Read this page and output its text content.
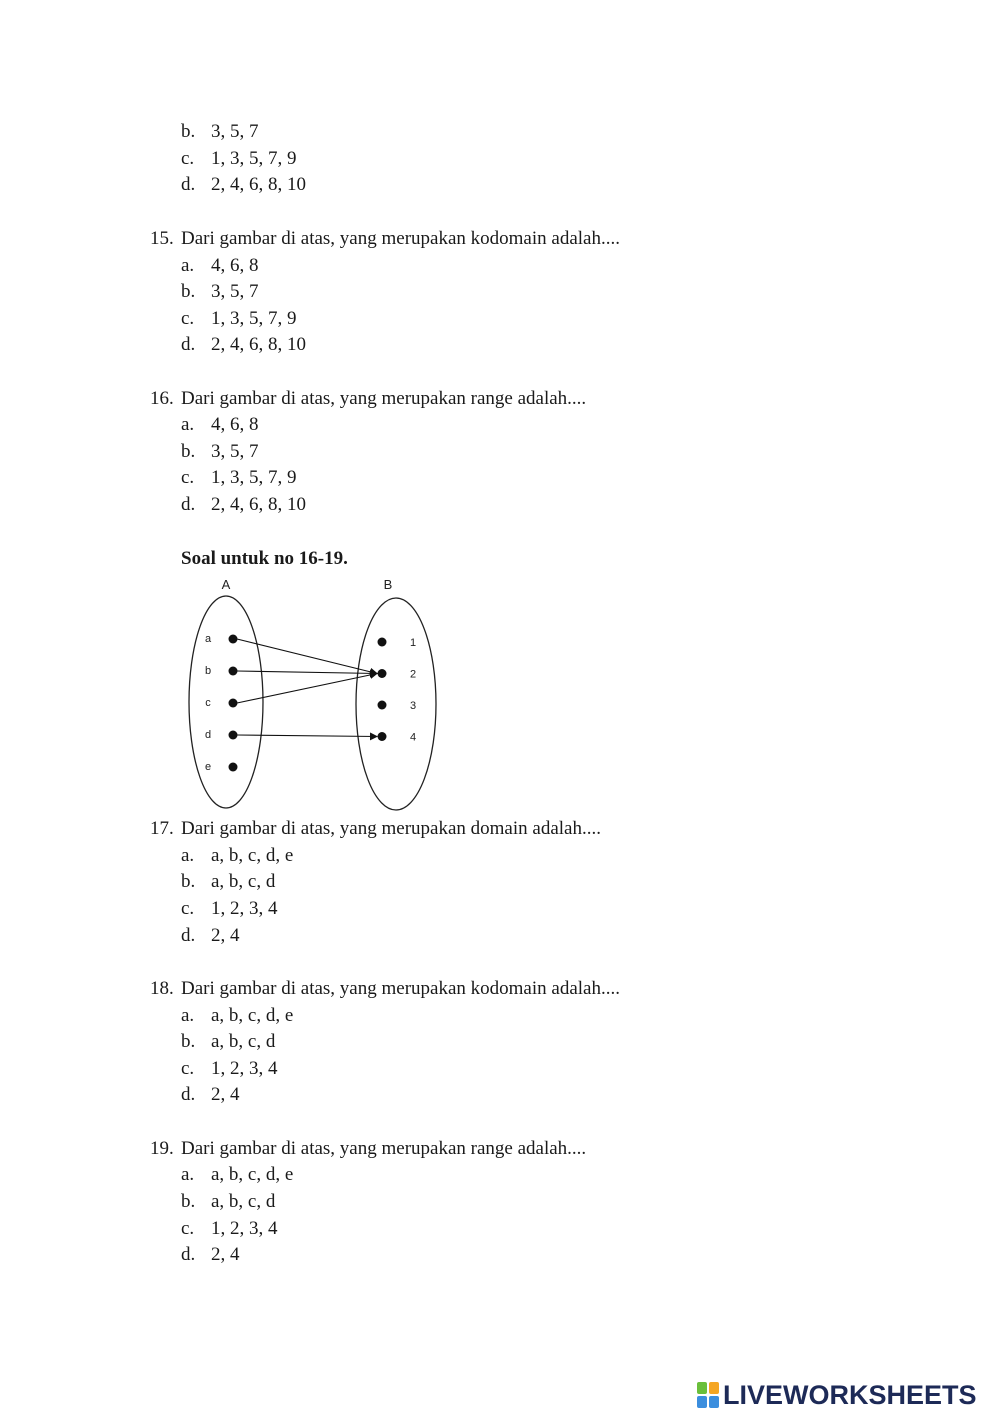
b. 3, 5, 7
c. 1, 3, 5, 7, 9
d. 2, 4, 6, 8, 10
15. Dari gambar di atas, yang merupakan kodomain adalah....
a. 4, 6, 8
b. 3, 5, 7
c. 1, 3, 5, 7, 9
d. 2, 4, 6, 8, 10
16. Dari gambar di atas, yang merupakan range adalah....
a. 4, 6, 8
b. 3, 5, 7
c. 1, 3, 5, 7, 9
d. 2, 4, 6, 8, 10
Soal untuk no 16-19.
A	B
a
b
c
d
e
1
2
3
4
17. Dari gambar di atas, yang merupakan domain adalah....
a. a, b, c, d, e
b. a, b, c, d
c. 1, 2, 3, 4
d. 2, 4
18. Dari gambar di atas, yang merupakan kodomain adalah....
a. a, b, c, d, e
b. a, b, c, d
c. 1, 2, 3, 4
d. 2, 4
19. Dari gambar di atas, yang merupakan range adalah....
a. a, b, c, d, e
b. a, b, c, d
c. 1, 2, 3, 4
d. 2, 4
LIVEWORKSHEETS
